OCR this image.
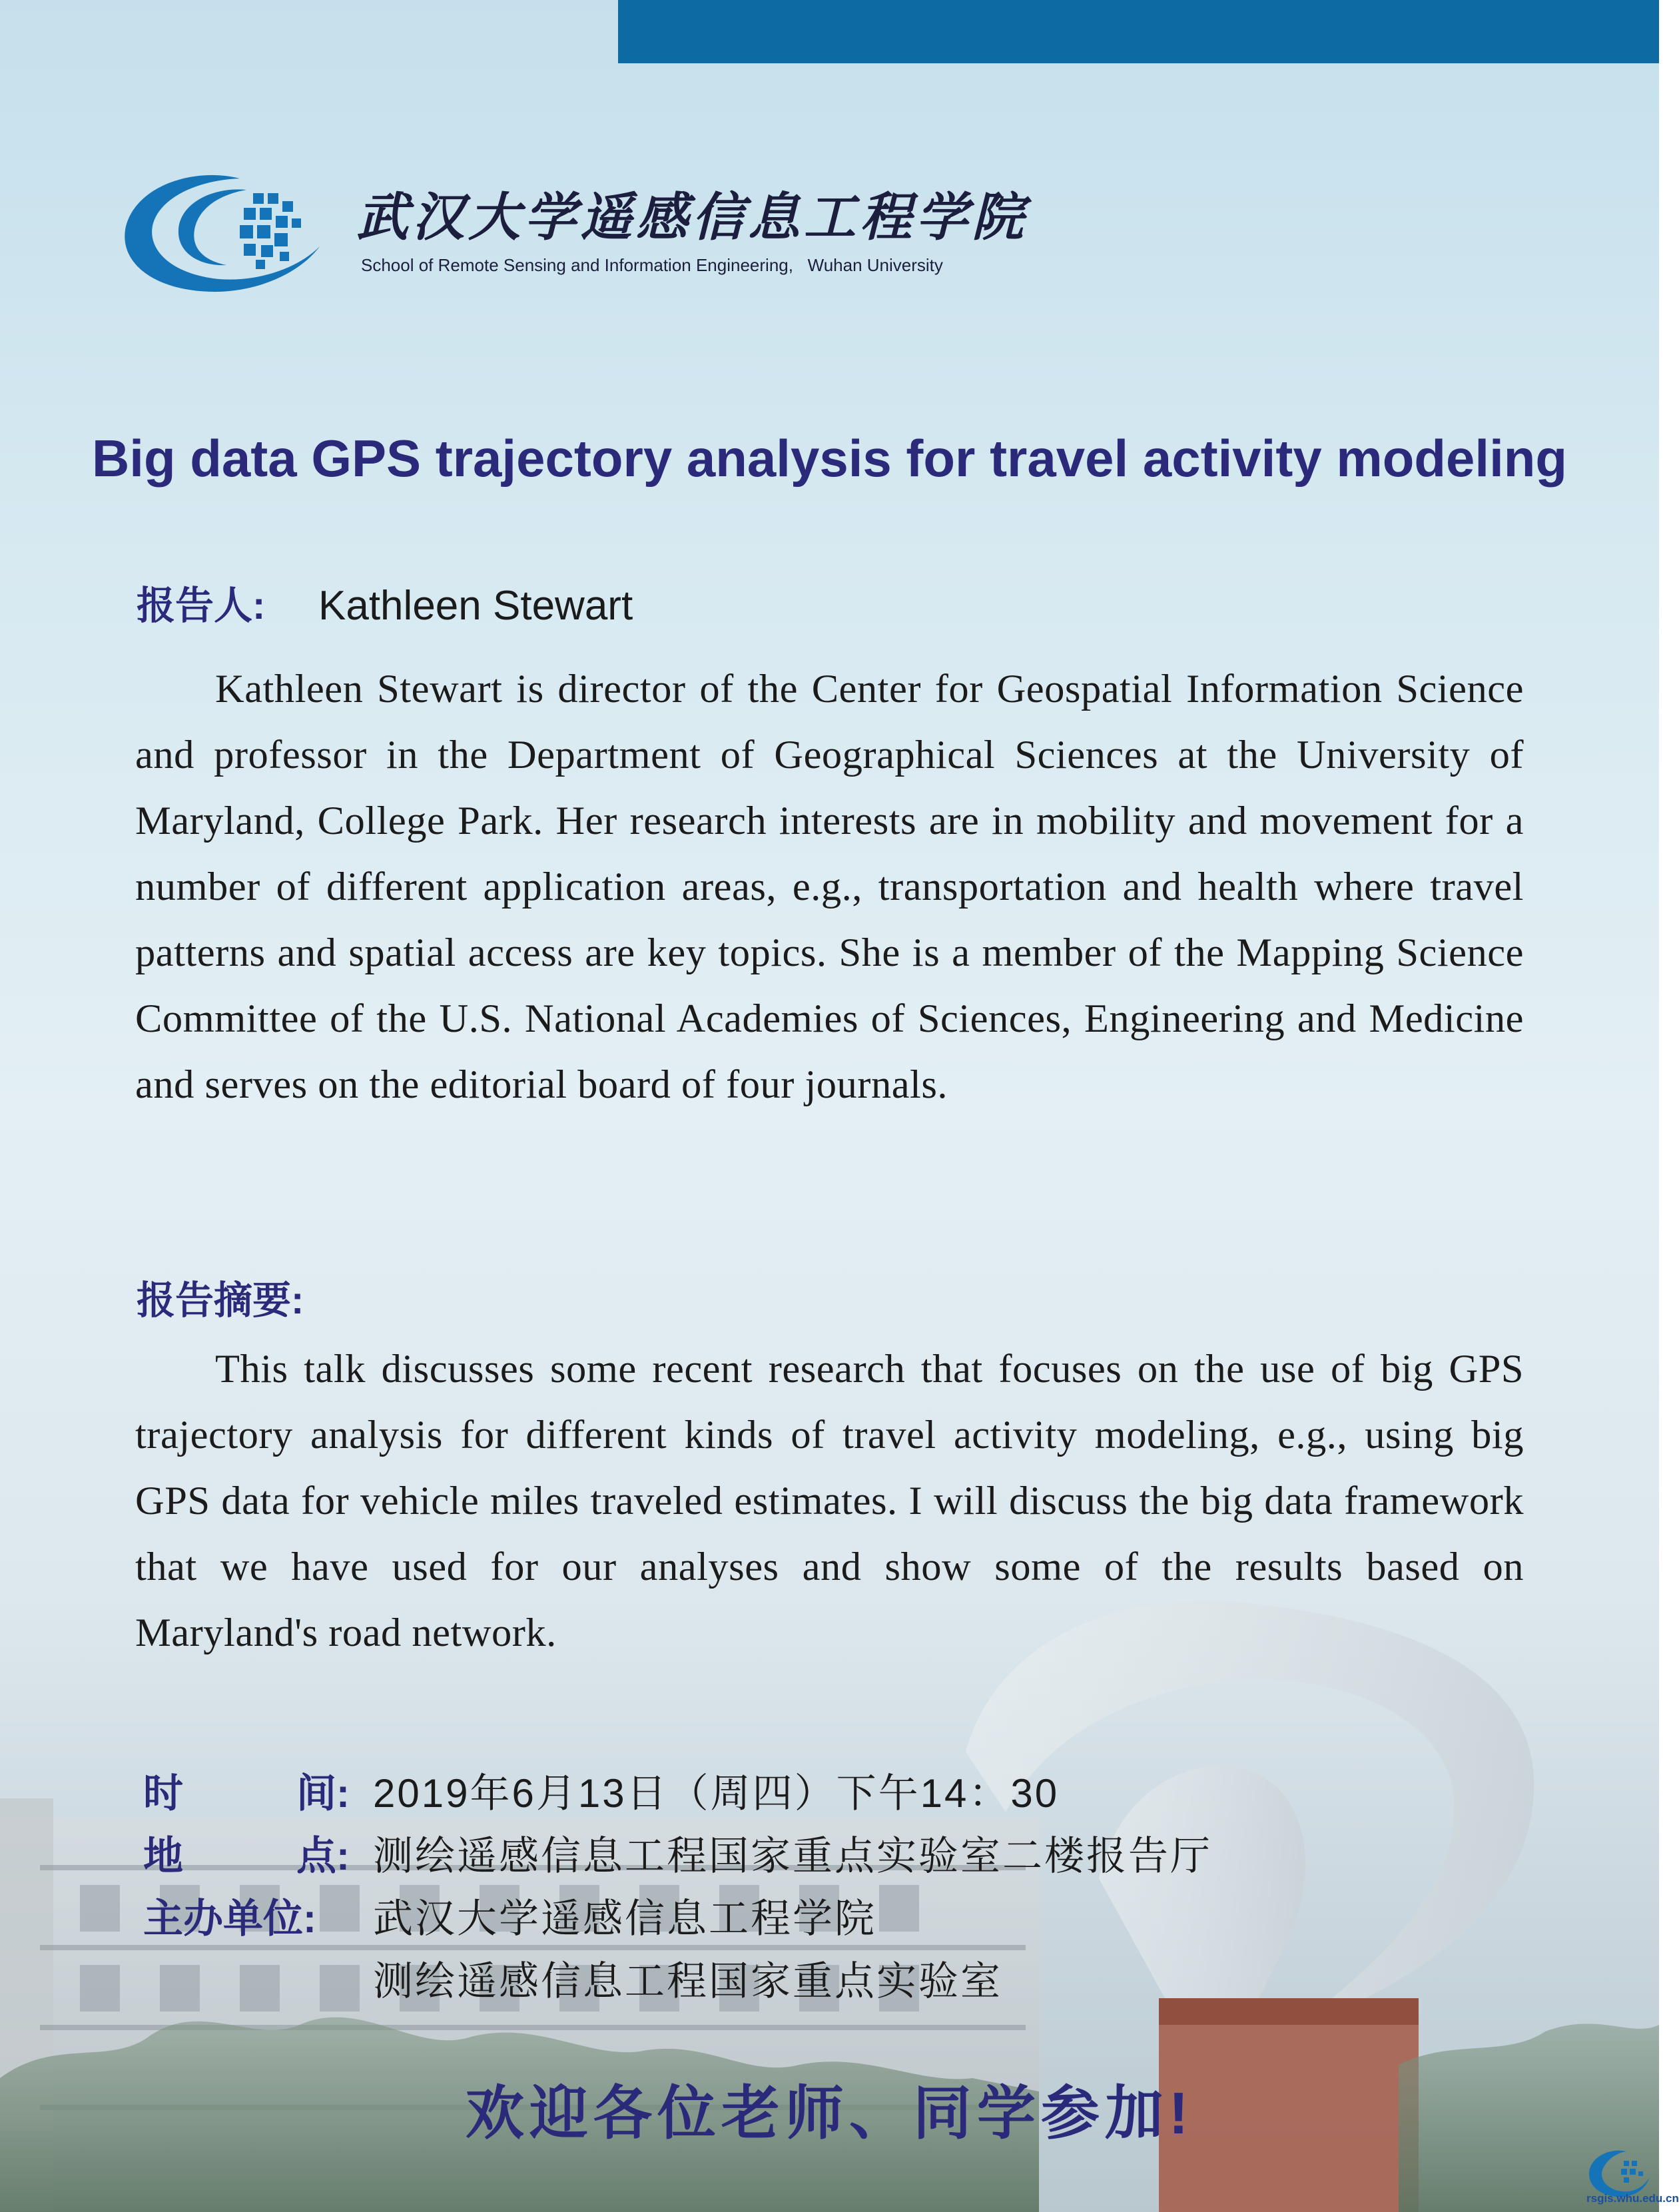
武汉大学遥感信息工程学院
School of Remote Sensing and Information Engineering,   Wuhan University
Big data GPS trajectory analysis for travel activity modeling
报告人: Kathleen Stewart

Kathleen Stewart is director of the Center for Geospatial Information Science and professor in the Department of Geographical Sciences at the University of Maryland, College Park. Her research interests are in mobility and movement for a number of different application areas, e.g., transportation and health where travel patterns and spatial access are key topics. She is a member of the Mapping Science Committee of the U.S. National Academies of Sciences, Engineering and Medicine and serves on the editorial board of four journals.

报告摘要:

This talk discusses some recent research that focuses on the use of big GPS trajectory analysis for different kinds of travel activity modeling, e.g., using big GPS data for vehicle miles traveled estimates. I will discuss the big data framework that we have used for our analyses and show some of the results based on Maryland's road network.

时	间: 2019年6月13日（周四）下午14：30
地	点: 测绘遥感信息工程国家重点实验室二楼报告厅
主办单位:	武汉大学遥感信息工程学院
测绘遥感信息工程国家重点实验室
欢迎各位老师、同学参加!
rsgis.whu.edu.cn
